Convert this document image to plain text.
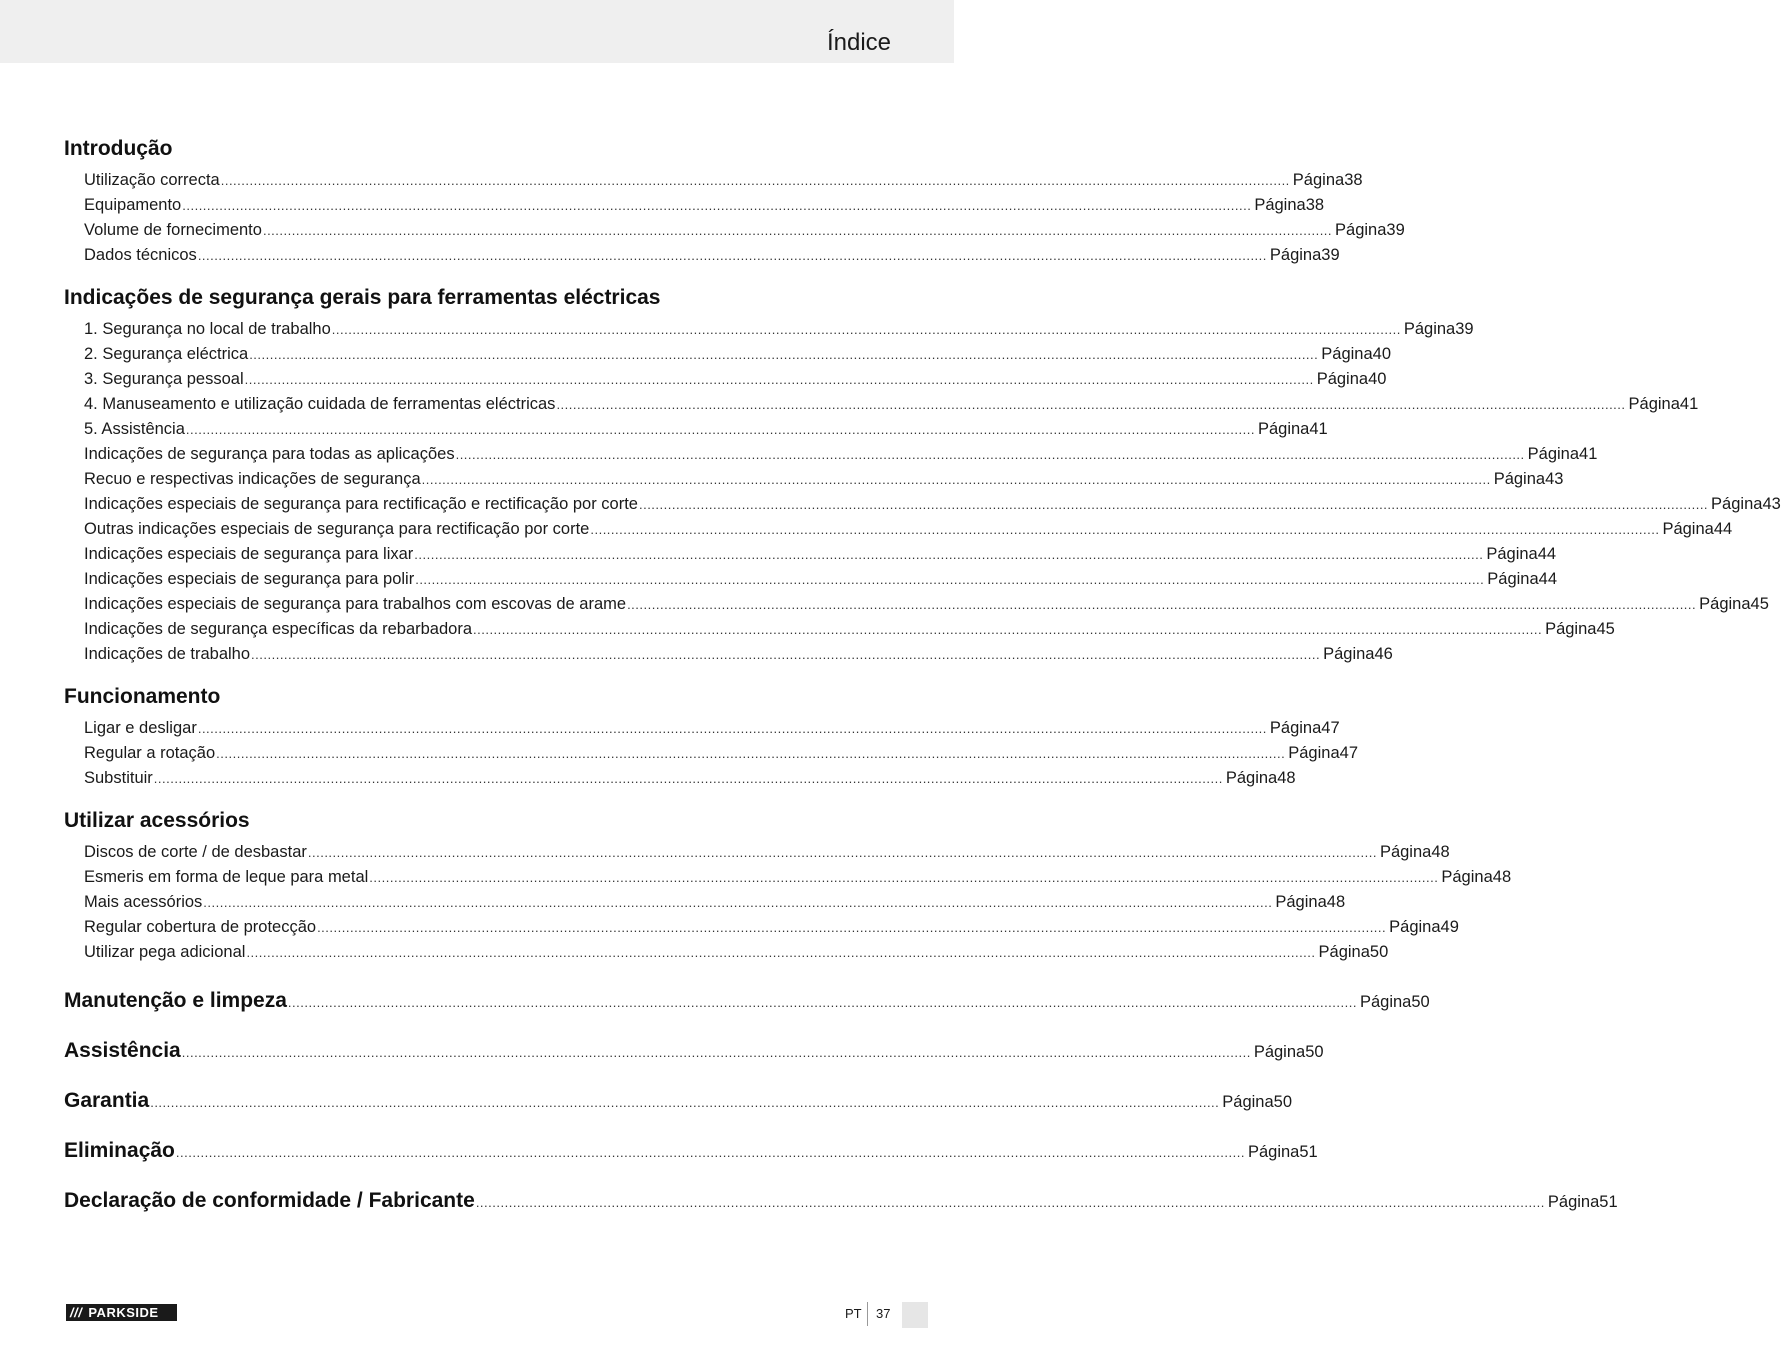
Índice
Introdução
Utilização correcta .................................................................................................................................................................................................................................................................... Página 38
Equipamento .................................................................................................................................................................................................................................................................... Página 38
Volume de fornecimento .................................................................................................................................................................................................................................................................... Página 39
Dados técnicos .................................................................................................................................................................................................................................................................... Página 39
Indicações de segurança gerais para ferramentas eléctricas
1. Segurança no local de trabalho .................................................................................................................................................................................................................................................................... Página 39
2. Segurança eléctrica .................................................................................................................................................................................................................................................................... Página 40
3. Segurança pessoal .................................................................................................................................................................................................................................................................... Página 40
4. Manuseamento e utilização cuidada de ferramentas eléctricas .................................................................................................................................................................................................................................................................... Página 41
5. Assistência .................................................................................................................................................................................................................................................................... Página 41
Indicações de segurança para todas as aplicações .................................................................................................................................................................................................................................................................... Página 41
Recuo e respectivas indicações de segurança .................................................................................................................................................................................................................................................................... Página 43
Indicações especiais de segurança para rectificação e rectificação por corte .................................................................................................................................................................................................................................................................... Página 43
Outras indicações especiais de segurança para rectificação por corte .................................................................................................................................................................................................................................................................... Página 44
Indicações especiais de segurança para lixar .................................................................................................................................................................................................................................................................... Página 44
Indicações especiais de segurança para polir .................................................................................................................................................................................................................................................................... Página 44
Indicações especiais de segurança para trabalhos com escovas de arame .................................................................................................................................................................................................................................................................... Página 45
Indicações de segurança específicas da rebarbadora .................................................................................................................................................................................................................................................................... Página 45
Indicações de trabalho .................................................................................................................................................................................................................................................................... Página 46
Funcionamento
Ligar e desligar .................................................................................................................................................................................................................................................................... Página 47
Regular a rotação .................................................................................................................................................................................................................................................................... Página 47
Substituir .................................................................................................................................................................................................................................................................... Página 48
Utilizar acessórios
Discos de corte / de desbastar .................................................................................................................................................................................................................................................................... Página 48
Esmeris em forma de leque para metal .................................................................................................................................................................................................................................................................... Página 48
Mais acessórios .................................................................................................................................................................................................................................................................... Página 48
Regular cobertura de protecção .................................................................................................................................................................................................................................................................... Página 49
Utilizar pega adicional .................................................................................................................................................................................................................................................................... Página 50
Manutenção e limpeza .................................................................................................................................................................................................................................................................... Página 50
Assistência .................................................................................................................................................................................................................................................................... Página 50
Garantia .................................................................................................................................................................................................................................................................... Página 50
Eliminação .................................................................................................................................................................................................................................................................... Página 51
Declaração de conformidade / Fabricante .................................................................................................................................................................................................................................................................... Página 51
/// PARKSIDE	PT 37
